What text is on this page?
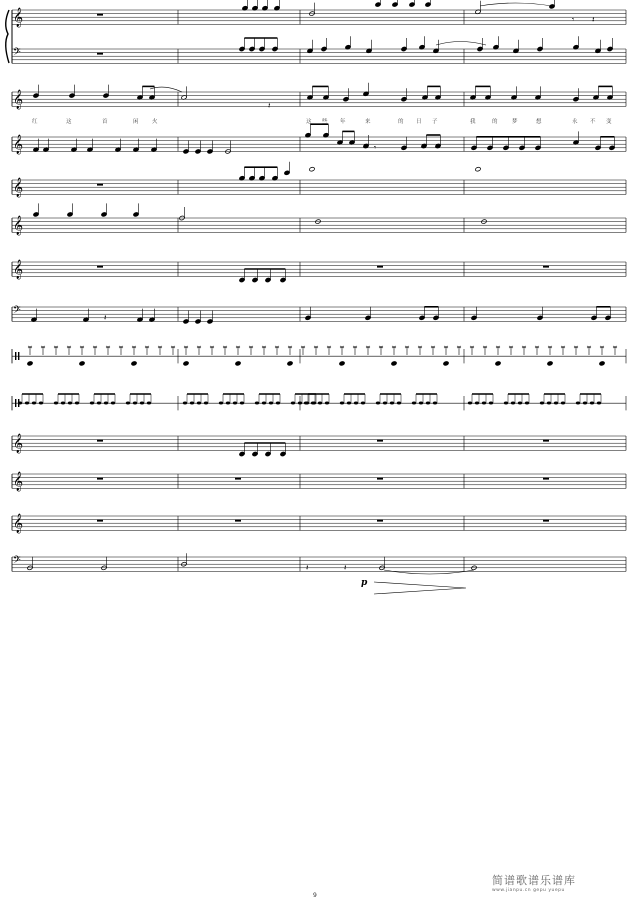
𝄞
𝄢
𝄞
𝄞
𝄞
𝄞
𝄞
𝄢
𝄞
𝄞
𝄞
𝄢
𝄾 𝄽
𝄽
𝄾
𝄽
𝄽	𝄽
红	这	首	闲 火	这 些 年	来	的 日 子	我	的	梦	想	永 不 变
p
9
简谱歌谱乐谱库
www.jianpu.cn gepu yuepu
